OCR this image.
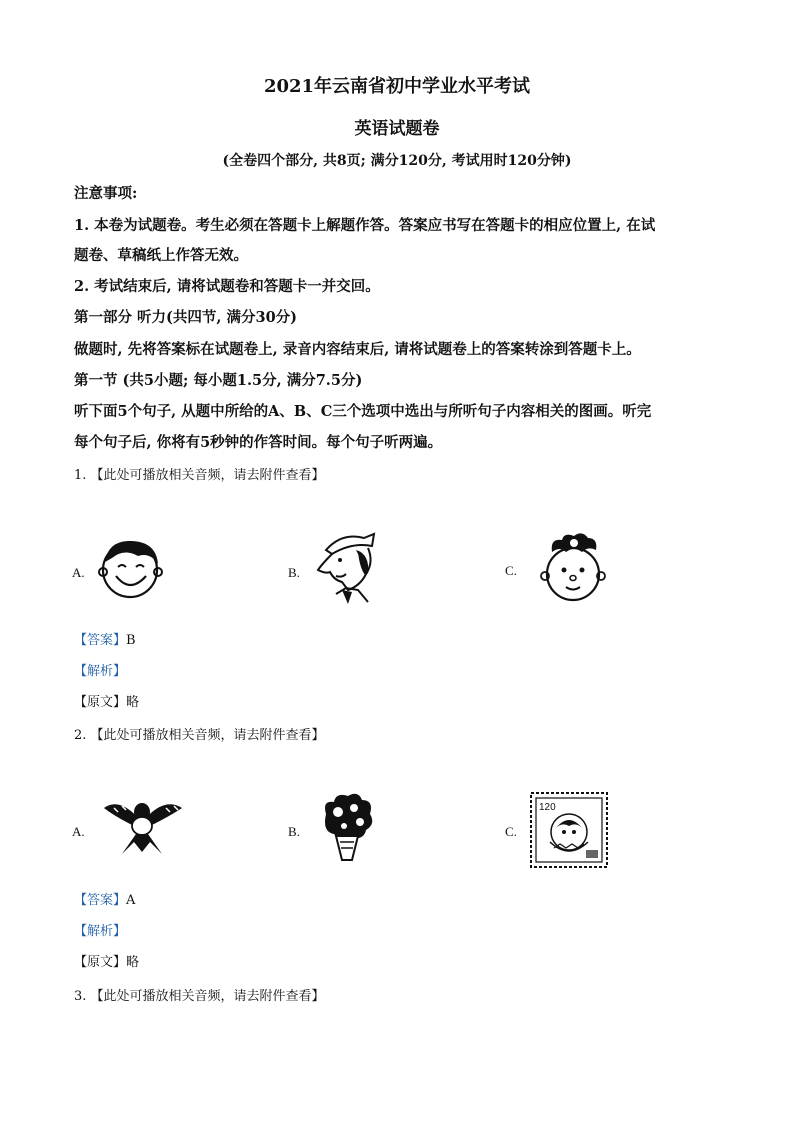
2021年云南省初中学业水平考试
英语试题卷
(全卷四个部分, 共8页; 满分120分, 考试用时120分钟)
注意事项:
1. 本卷为试题卷。考生必须在答题卡上解题作答。答案应书写在答题卡的相应位置上, 在试
题卷、草稿纸上作答无效。
2. 考试结束后, 请将试题卷和答题卡一并交回。
第一部分 听力(共四节, 满分30分)
做题时, 先将答案标在试题卷上, 录音内容结束后, 请将试题卷上的答案转涂到答题卡上。
第一节 (共5小题; 每小题1.5分, 满分7.5分)
听下面5个句子, 从题中所给的A、B、C三个选项中选出与所听句子内容相关的图画。听完
每个句子后, 你将有5秒钟的作答时间。每个句子听两遍。
1. 【此处可播放相关音频，请去附件查看】
A.	B.	C.
【答案】B
【解析】
【原文】略
2. 【此处可播放相关音频，请去附件查看】
A.	B.	C.
120
【答案】A
【解析】
【原文】略
3. 【此处可播放相关音频，请去附件查看】
